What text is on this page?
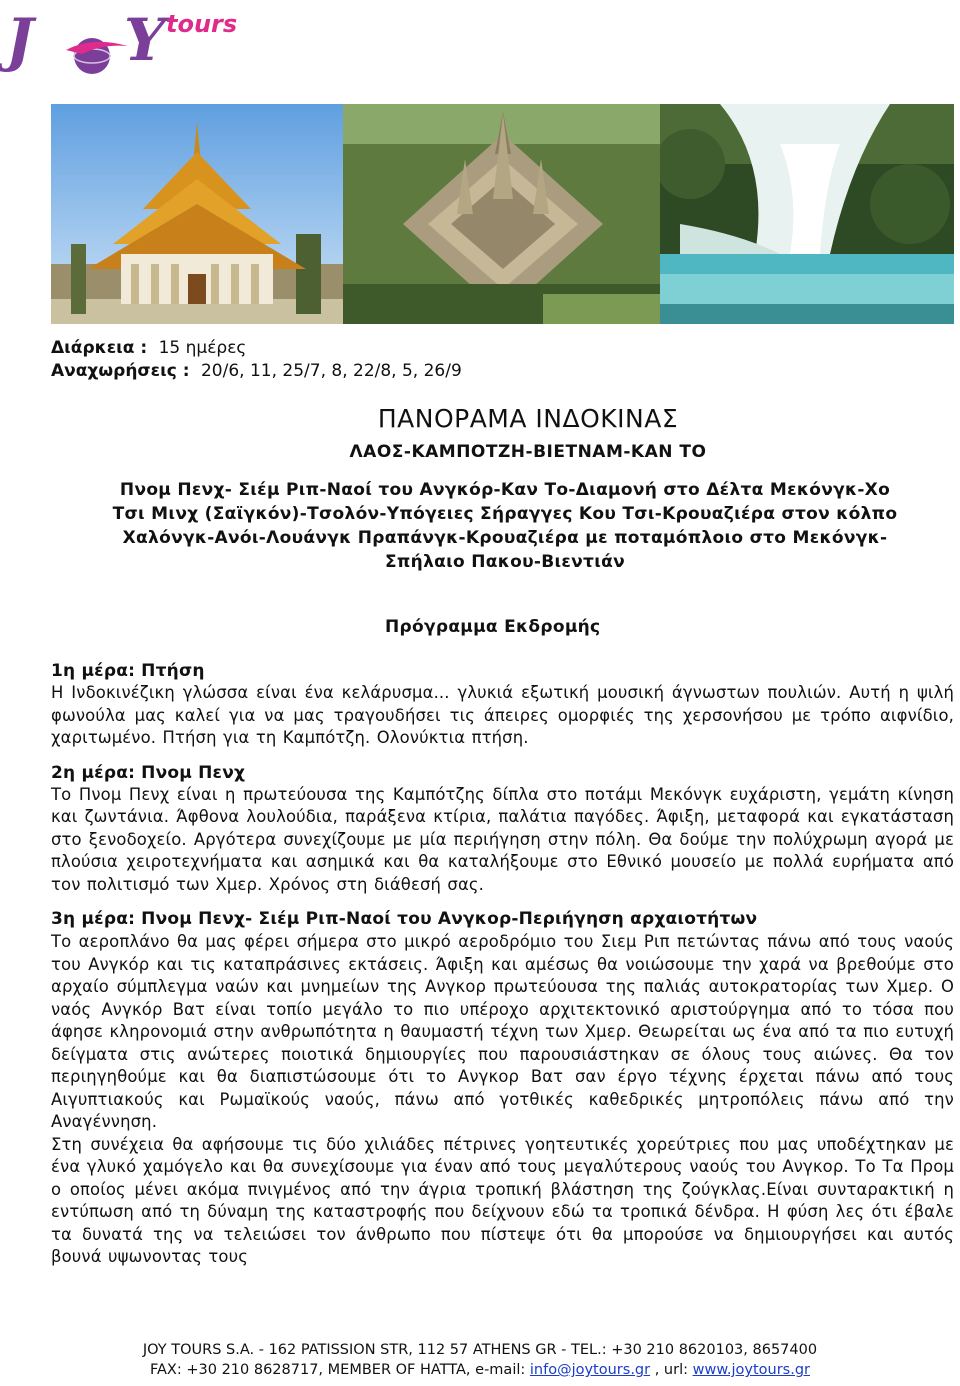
J Y tours
Διάρκεια : 15 ημέρες
Αναχωρήσεις : 20/6, 11, 25/7, 8, 22/8, 5, 26/9
ΠΑΝΟΡΑΜΑ ΙΝΔΟΚΙΝΑΣ
ΛΑΟΣ-ΚΑΜΠΟΤΖΗ-ΒΙΕΤΝΑΜ-ΚΑΝ ΤΟ
Πνομ Πενχ- Σιέμ Ριπ-Ναοί του Ανγκόρ-Καν Το-Διαμονή στο Δέλτα Μεκόνγκ-Χο
Τσι Μινχ (Σαϊγκόν)-Τσολόν-Υπόγειες Σήραγγες Κου Τσι-Κρουαζιέρα στον κόλπο
Χαλόνγκ-Ανόι-Λουάνγκ Πραπάνγκ-Κρουαζιέρα με ποταμόπλοιο στο Μεκόνγκ-
Σπήλαιο Πακου-Βιεντιάν
Πρόγραμμα Εκδρομής
1η μέρα: Πτήση

Η Ινδοκινέζικη γλώσσα είναι ένα κελάρυσμα... γλυκιά εξωτική μουσική άγνωστων πουλιών. Αυτή η ψιλή φωνούλα μας καλεί για να μας τραγουδήσει τις άπειρες ομορφιές της χερσονήσου με τρόπο αιφνίδιο, χαριτωμένο. Πτήση για τη Καμπότζη. Ολονύκτια πτήση.

2η μέρα: Πνομ Πενχ

Το Πνομ Πενχ είναι η πρωτεύουσα της Καμπότζης δίπλα στο ποτάμι Μεκόνγκ ευχάριστη, γεμάτη κίνηση και ζωντάνια. Άφθονα λουλούδια, παράξενα κτίρια, παλάτια παγόδες. Άφιξη, μεταφορά και εγκατάσταση στο ξενοδοχείο. Αργότερα συνεχίζουμε με μία περιήγηση στην πόλη. Θα δούμε την πολύχρωμη αγορά με πλούσια χειροτεχνήματα και ασημικά και θα καταλήξουμε στο Εθνικό μουσείο με πολλά ευρήματα από τον πολιτισμό των Χμερ. Χρόνος στη διάθεσή σας.

3η μέρα: Πνομ Πενχ- Σιέμ Ριπ-Ναοί του Ανγκορ-Περιήγηση αρχαιοτήτων

Το αεροπλάνο θα μας φέρει σήμερα στο μικρό αεροδρόμιο του Σιεμ Ριπ πετώντας πάνω από τους ναούς του Ανγκόρ και τις καταπράσινες εκτάσεις. Άφιξη και αμέσως θα νοιώσουμε την χαρά να βρεθούμε στο αρχαίο σύμπλεγμα ναών και μνημείων της Ανγκορ πρωτεύουσα της παλιάς αυτοκρατορίας των Χμερ. Ο ναός Ανγκόρ Βατ είναι τοπίο μεγάλο το πιο υπέροχο αρχιτεκτονικό αριστούργημα από το τόσα που άφησε κληρονομιά στην ανθρωπότητα η θαυμαστή τέχνη των Χμερ. Θεωρείται ως ένα από τα πιο ευτυχή δείγματα στις ανώτερες ποιοτικά δημιουργίες που παρουσιάστηκαν σε όλους τους αιώνες. Θα τον περιηγηθούμε και θα διαπιστώσουμε ότι το Ανγκορ Βατ σαν έργο τέχνης έρχεται πάνω από τους Αιγυπτιακούς και Ρωμαϊκούς ναούς, πάνω από γοτθικές καθεδρικές μητροπόλεις πάνω από την Αναγέννηση.

Στη συνέχεια θα αφήσουμε τις δύο χιλιάδες πέτρινες γοητευτικές χορεύτριες που μας υποδέχτηκαν με ένα γλυκό χαμόγελο και θα συνεχίσουμε για έναν από τους μεγαλύτερους ναούς του Ανγκορ. Το Τα Προμ ο οποίος μένει ακόμα πνιγμένος από την άγρια τροπική βλάστηση της ζούγκλας.Είναι συνταρακτική η εντύπωση από τη δύναμη της καταστροφής που δείχνουν εδώ τα τροπικά δένδρα. Η φύση λες ότι έβαλε τα δυνατά της να τελειώσει τον άνθρωπο που πίστεψε ότι θα μπορούσε να δημιουργήσει και αυτός βουνά υψωνοντας τους

JOY TOURS S.A. - 162 PATISSION STR, 112 57 ATHENS GR - TEL.: +30 210 8620103, 8657400
FAX: +30 210 8628717, MEMBER OF HATTA, e-mail: info@joytours.gr , url: www.joytours.gr
